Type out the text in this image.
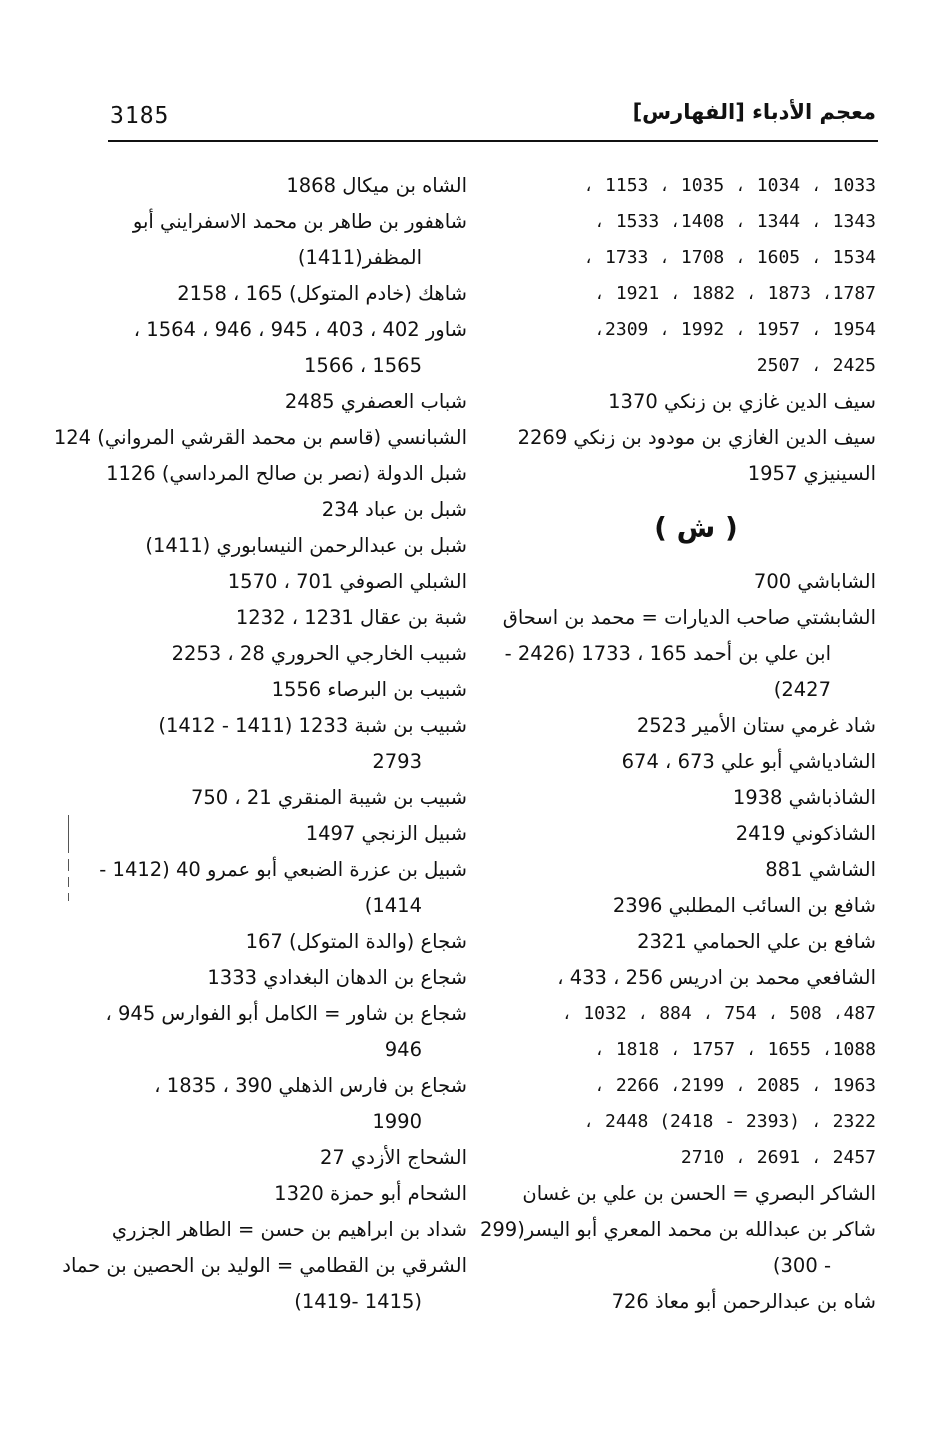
3185	معجم الأدباء [الفهارس]
1033 ، 1034 ، 1035 ، 1153 ،
1343 ، 1344 ، 1408، 1533 ،
1534 ، 1605 ، 1708 ، 1733 ،
1787، 1873 ، 1882 ، 1921 ،
1954 ، 1957 ، 1992 ، 2309،
2425 ، 2507
سيف الدين غازي بن زنكي 1370
سيف الدين الغازي بن مودود بن زنكي 2269
السينيزي 1957
( ش )
الشاباشي 700
الشابشتي صاحب الديارات = محمد بن اسحاق
ابن علي بن أحمد 165 ، 1733 (2426 -
2427)
شاد غرمي ستان الأمير 2523
الشادياشي أبو علي 673 ، 674
الشاذباشي 1938
الشاذكوني 2419
الشاشي 881
شافع بن السائب المطلبي 2396
شافع بن علي الحمامي 2321
الشافعي محمد بن ادريس 256 ، 433 ،
487، 508 ، 754 ، 884 ، 1032 ،
1088، 1655 ، 1757 ، 1818 ،
1963 ، 2085 ، 2199، 2266 ،
2322 ، (2393 - 2418) 2448 ،
2457 ، 2691 ، 2710
الشاكر البصري = الحسن بن علي بن غسان
شاكر بن عبدالله بن محمد المعري أبو اليسر(299
- 300)
شاه بن عبدالرحمن أبو معاذ 726
الشاه بن ميكال 1868
شاهفور بن طاهر بن محمد الاسفرايني أبو
المظفر(1411)
شاهك (خادم المتوكل) 165 ، 2158
شاور 402 ، 403 ، 945 ، 946 ، 1564 ،
1565 ، 1566
شباب العصفري 2485
الشبانسي (قاسم بن محمد القرشي المرواني) 124
شبل الدولة (نصر بن صالح المرداسي) 1126
شبل بن عباد 234
شبل بن عبدالرحمن النيسابوري (1411)
الشبلي الصوفي 701 ، 1570
شبة بن عقال 1231 ، 1232
شبيب الخارجي الحروري 28 ، 2253
شبيب بن البرصاء 1556
شبيب بن شبة 1233 (1411 - 1412)
2793
شبيب بن شيبة المنقري 21 ، 750
شبيل الزنجي 1497
شبيل بن عزرة الضبعي أبو عمرو 40 (1412 -
1414)
شجاع (والدة المتوكل) 167
شجاع بن الدهان البغدادي 1333
شجاع بن شاور = الكامل أبو الفوارس 945 ،
946
شجاع بن فارس الذهلي 390 ، 1835 ،
1990
الشحاج الأزدي 27
الشحام أبو حمزة 1320
شداد بن ابراهيم بن حسن = الطاهر الجزري
الشرقي بن القطامي = الوليد بن الحصين بن حماد
(1415 -1419)
